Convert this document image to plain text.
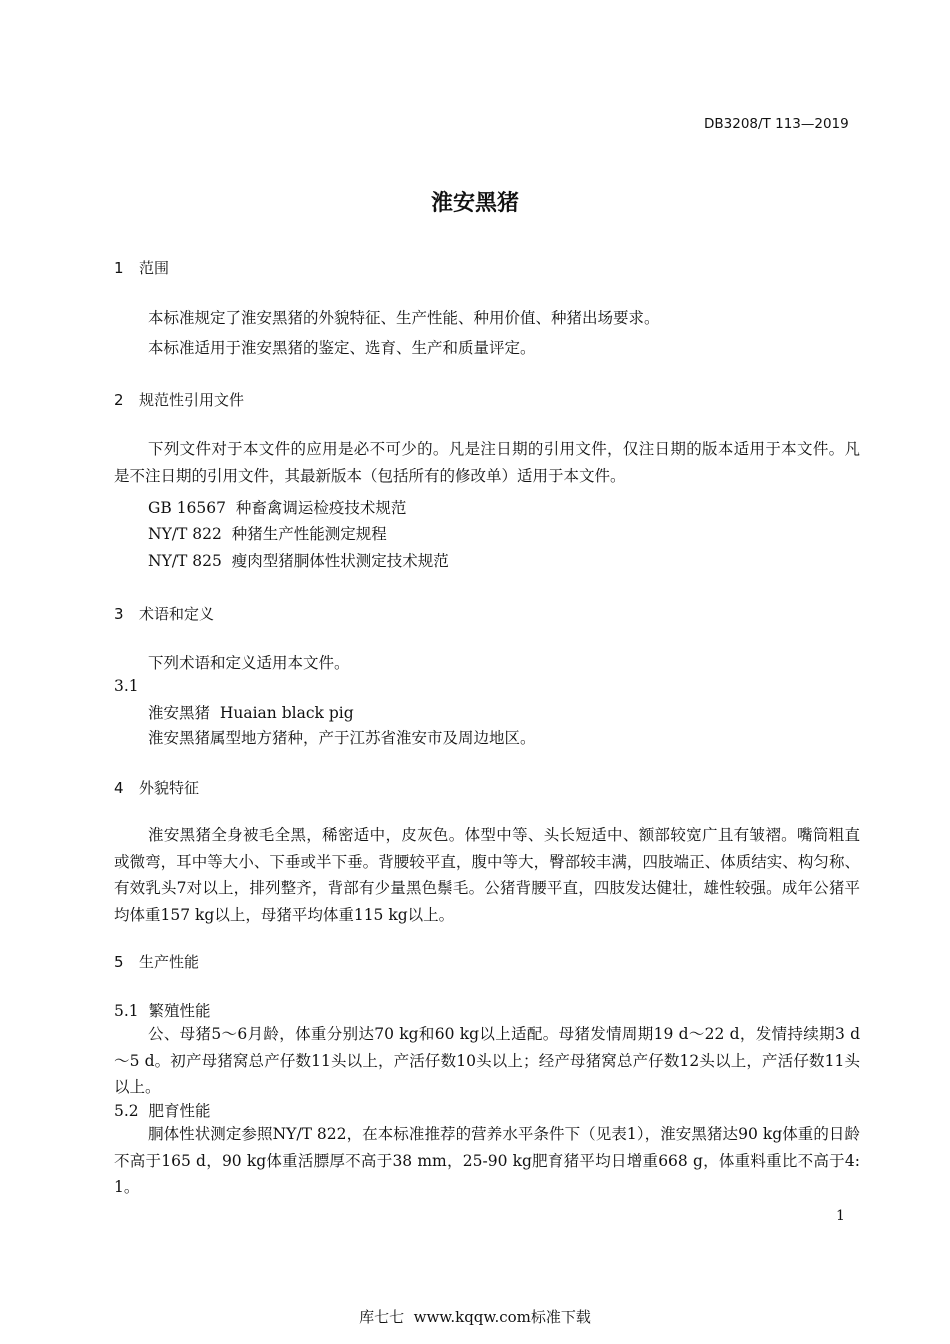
DB3208/T 113—2019
淮安黑猪
1 范围
本标准规定了淮安黑猪的外貌特征、生产性能、种用价值、种猪出场要求。
本标准适用于淮安黑猪的鉴定、选育、生产和质量评定。
2 规范性引用文件
下列文件对于本文件的应用是必不可少的。凡是注日期的引用文件，仅注日期的版本适用于本文件。凡是不注日期的引用文件，其最新版本（包括所有的修改单）适用于本文件。
GB 16567  种畜禽调运检疫技术规范
NY/T 822  种猪生产性能测定规程
NY/T 825  瘦肉型猪胴体性状测定技术规范
3 术语和定义
下列术语和定义适用本文件。
3.1
淮安黑猪  Huaian black pig
淮安黑猪属型地方猪种，产于江苏省淮安市及周边地区。
4 外貌特征
淮安黑猪全身被毛全黑，稀密适中，皮灰色。体型中等、头长短适中、额部较宽广且有皱褶。嘴筒粗直或微弯，耳中等大小、下垂或半下垂。背腰较平直，腹中等大，臀部较丰满，四肢端正、体质结实、构匀称、有效乳头7对以上，排列整齐，背部有少量黑色鬃毛。公猪背腰平直，四肢发达健壮，雄性较强。成年公猪平均体重157 kg以上，母猪平均体重115 kg以上。
5 生产性能
5.1  繁殖性能
公、母猪5～6月龄，体重分别达70 kg和60 kg以上适配。母猪发情周期19 d～22 d，发情持续期3 d～5 d。初产母猪窝总产仔数11头以上，产活仔数10头以上；经产母猪窝总产仔数12头以上，产活仔数11头以上。
5.2  肥育性能
胴体性状测定参照NY/T 822，在本标准推荐的营养水平条件下（见表1），淮安黑猪达90 kg体重的日龄不高于165 d，90 kg体重活膘厚不高于38 mm，25-90 kg肥育猪平均日增重668 g，体重料重比不高于4: 1。
1
库七七  www.kqqw.com标准下载
